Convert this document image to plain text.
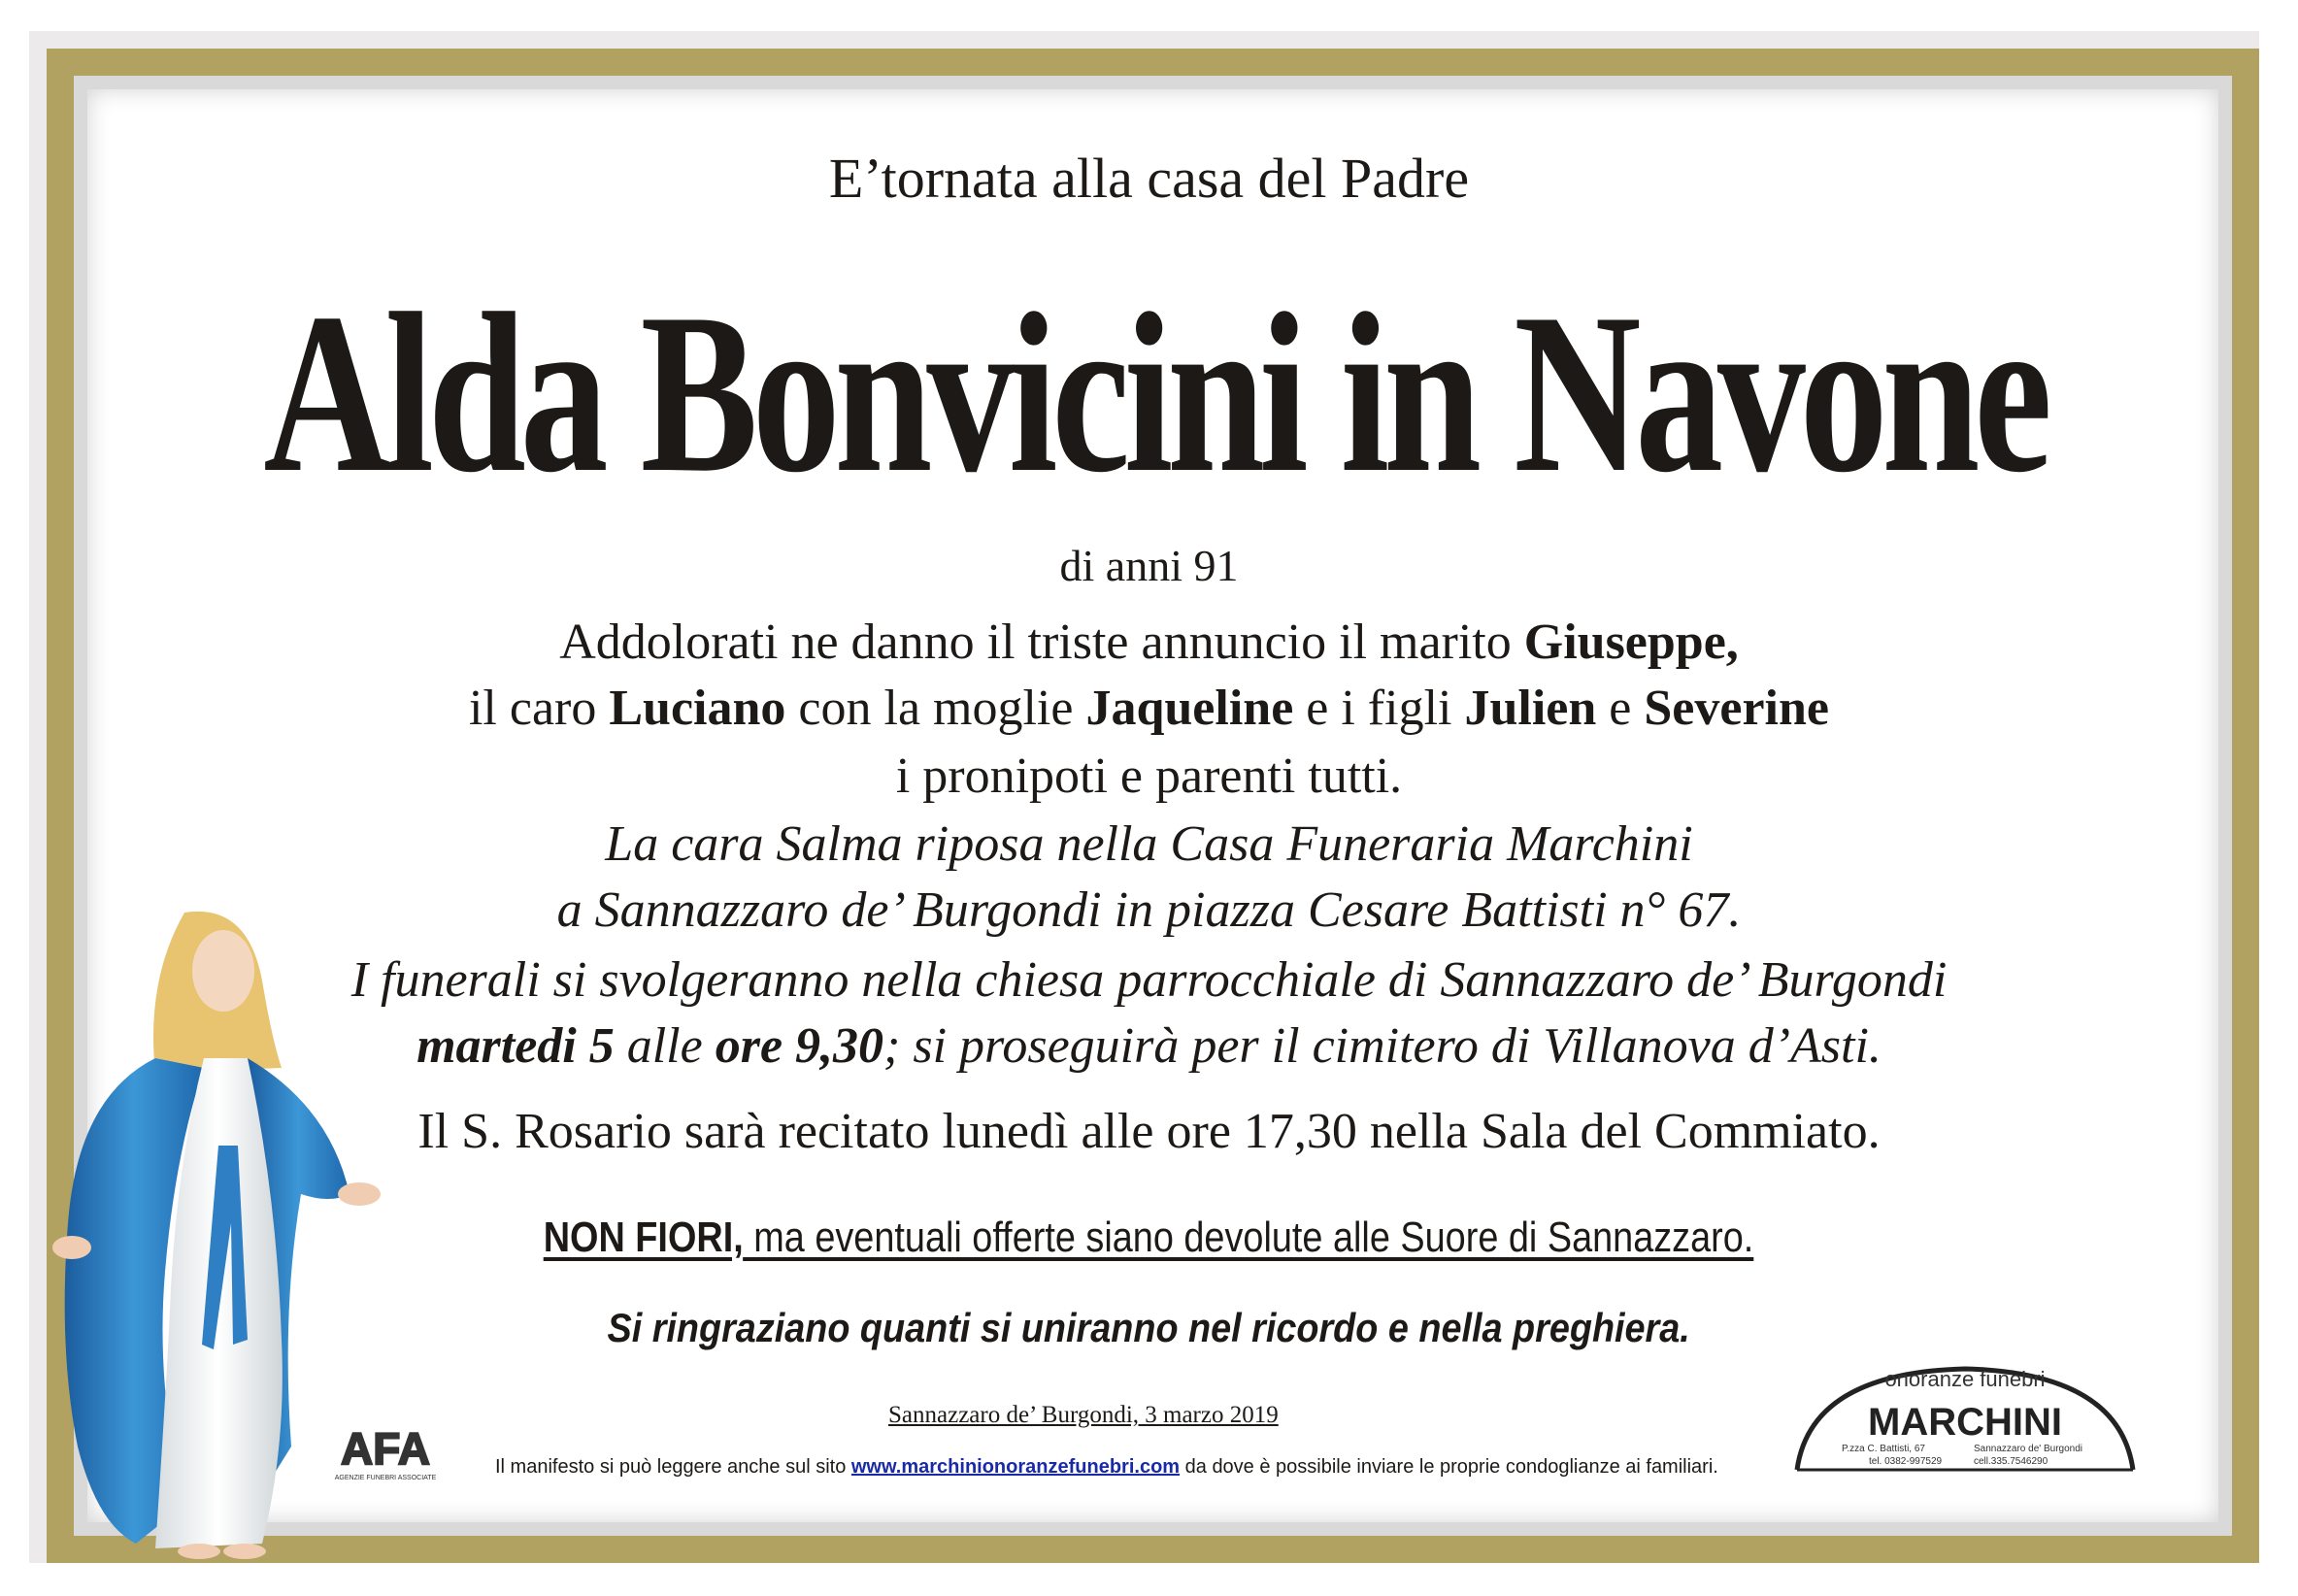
E’tornata alla casa del Padre
Alda Bonvicini in Navone
di anni 91
Addolorati ne danno il triste annuncio il marito Giuseppe,
il caro Luciano con la moglie Jaqueline e i figli Julien e Severine
i pronipoti e parenti tutti.
La cara Salma riposa nella Casa Funeraria Marchini
a Sannazzaro de’ Burgondi in piazza Cesare Battisti n° 67.
I funerali si svolgeranno nella chiesa parrocchiale di Sannazzaro de’ Burgondi
martedi 5 alle ore 9,30; si proseguirà per il cimitero di Villanova d’Asti.
Il S. Rosario sarà recitato lunedì alle ore 17,30 nella Sala del Commiato.
NON FIORI, ma eventuali offerte siano devolute alle Suore di Sannazzaro.
Si ringraziano quanti si uniranno nel ricordo e nella preghiera.
Sannazzaro de’ Burgondi, 3 marzo 2019
Il manifesto si può leggere anche sul sito www.marchinionoranzefunebri.com da dove è possibile inviare le proprie condoglianze ai familiari.
AFA
AGENZIE FUNEBRI ASSOCIATE
onoranze funebri
MARCHINI
P.zza C. Battisti, 67	Sannazzaro de' Burgondi
tel. 0382-997529	cell.335.7546290
